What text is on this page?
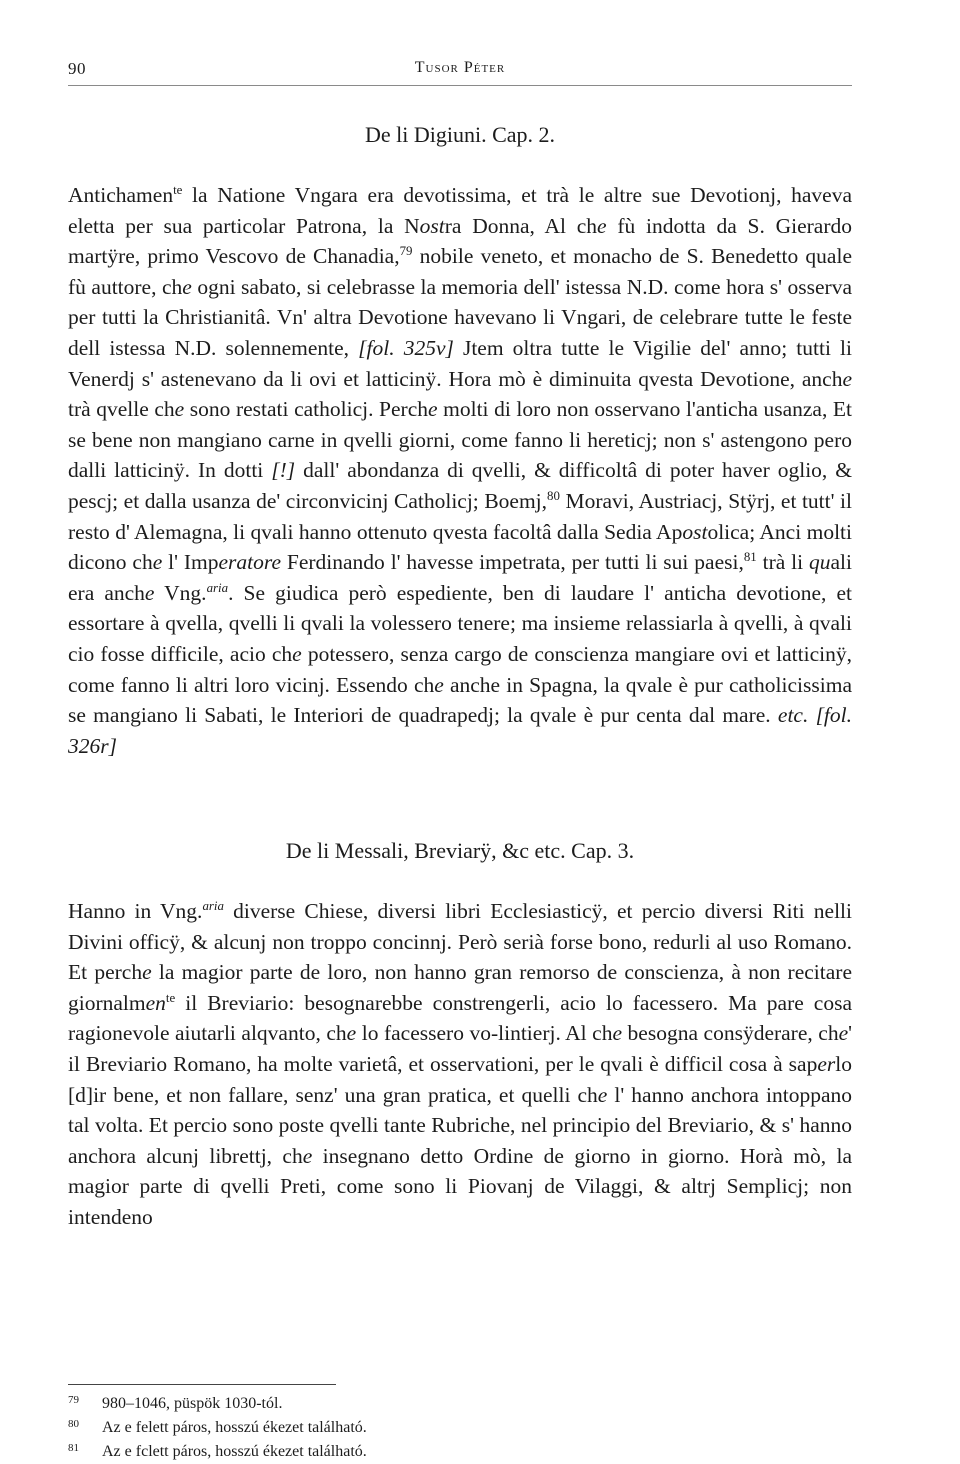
90	Tusor Péter
De li Digiuni. Cap. 2.

Antichamen$^{te}$ la Natione Vngara era devotissima, et trà le altre sue Devotionj, haveva eletta per sua particolar Patrona, la Nostra Donna, Al che fù indotta da S. Gierardo martÿre, primo Vescovo de Chanadia,$^{79}$ nobile veneto, et monacho de S. Benedetto quale fù auttore, che ogni sabato, si celebrasse la memoria dell' istessa N.D. come hora s' osserva per tutti la Christianitâ. Vn' altra Devotione havevano li Vngari, de celebrare tutte le feste dell istessa N.D. solennemente, [fol. 325v] Jtem oltra tutte le Vigilie del' anno; tutti li Venerdj s' astenevano da li ovi et latticinÿ. Hora mò è diminuita qvesta Devotione, anche trà qvelle che sono restati catholicj. Perche molti di loro non osservano l'anticha usanza, Et se bene non mangiano carne in qvelli giorni, come fanno li hereticj; non s' astengono pero dalli latticinÿ. In dotti [!] dall' abondanza di qvelli, & difficoltâ di poter haver oglio, & pescj; et dalla usanza de' circonvicinj Catholicj; Boemj,$^{80}$ Moravi, Austriacj, Stÿrj, et tutt' il resto d' Alemagna, li qvali hanno ottenuto qvesta facoltâ dalla Sedia Apostolica; Anci molti dicono che l' Imperatore Ferdinando l' havesse impetrata, per tutti li sui paesi,$^{81}$ trà li quali era anche Vng.$^{aria}$. Se giudica però espediente, ben di laudare l' anticha devotione, et essortare à qvella, qvelli li qvali la volessero tenere; ma insieme relassiarla à qvelli, à qvali cio fosse difficile, acio che potessero, senza cargo de conscienza mangiare ovi et latticinÿ, come fanno li altri loro vicinj. Essendo che anche in Spagna, la qvale è pur catholicissima se mangiano li Sabati, le Interiori de quadrapedj; la qvale è pur centa dal mare. etc. [fol. 326r]

De li Messali, Breviarÿ, &c etc. Cap. 3.

Hanno in Vng.$^{aria}$ diverse Chiese, diversi libri Ecclesiasticÿ, et percio diversi Riti nelli Divini officÿ, & alcunj non troppo concinnj. Però serià forse bono, redurli al uso Romano. Et perche la magior parte de loro, non hanno gran remorso de conscienza, à non recitare giornalmen$^{te}$ il Breviario: besognarebbe constrengerli, acio lo facessero. Ma pare cosa ragionevole aiutarli alqvanto, che lo facessero vo-lintierj. Al che besogna consÿderare, che' il Breviario Romano, ha molte varietâ, et osservationi, per le qvali è difficil cosa à saperlo [d]ir bene, et non fallare, senz' una gran pratica, et quelli che l' hanno anchora intoppano tal volta. Et percio sono poste qvelli tante Rubriche, nel principio del Breviario, & s' hanno anchora alcunj librettj, che insegnano detto Ordine de giorno in giorno. Horà mò, la magior parte di qvelli Preti, come sono li Piovanj de Vilaggi, & altrj Semplicj; non intendeno

79 980–1046, püspök 1030-tól.
80 Az e felett páros, hosszú ékezet található.
81 Az e fclett páros, hosszú ékezet található.
